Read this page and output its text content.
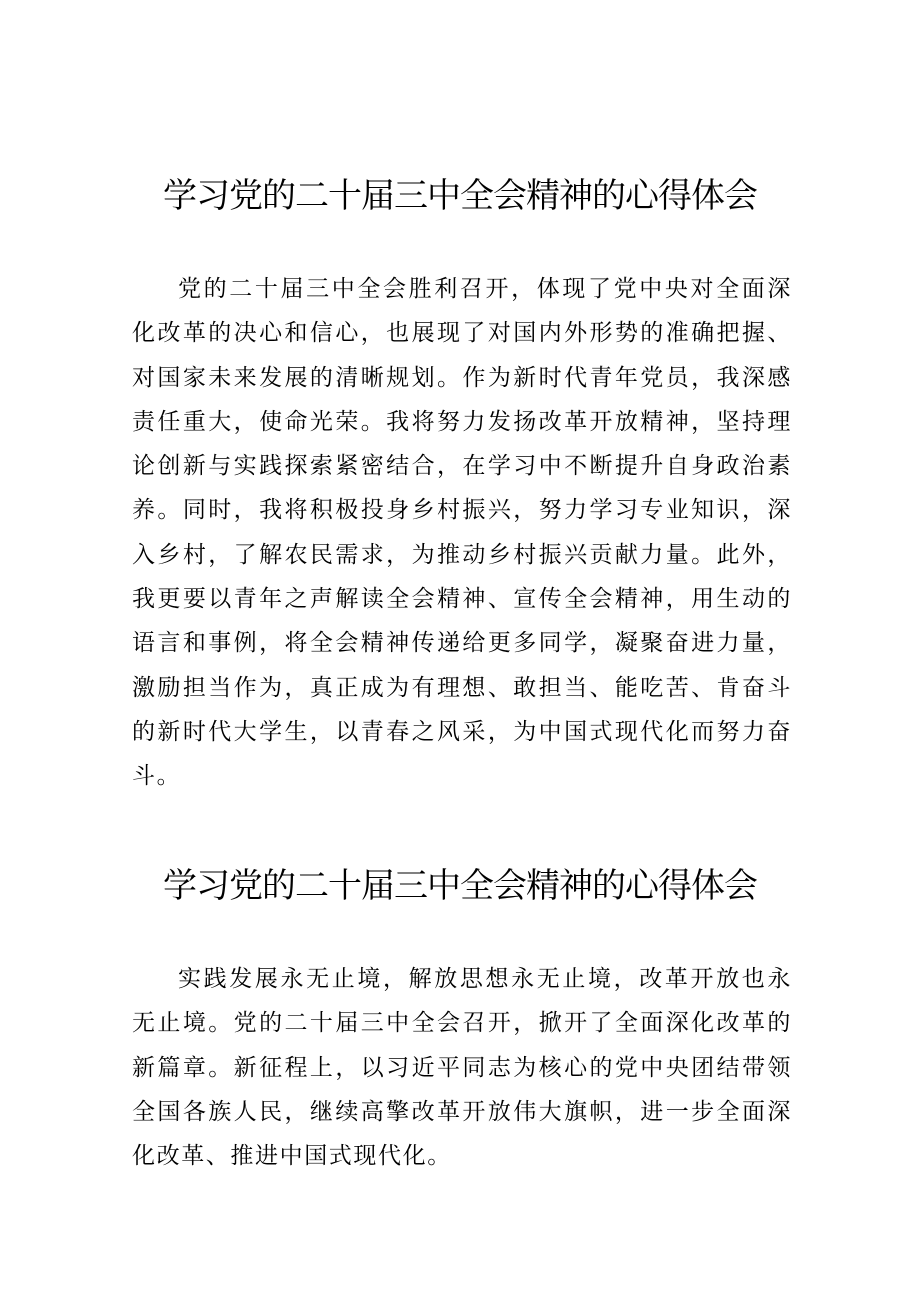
学习党的二十届三中全会精神的心得体会

党的二十届三中全会胜利召开，体现了党中央对全面深化改革的决心和信心，也展现了对国内外形势的准确把握、对国家未来发展的清晰规划。作为新时代青年党员，我深感责任重大，使命光荣。我将努力发扬改革开放精神，坚持理论创新与实践探索紧密结合，在学习中不断提升自身政治素养。同时，我将积极投身乡村振兴，努力学习专业知识，深入乡村，了解农民需求，为推动乡村振兴贡献力量。此外，我更要以青年之声解读全会精神、宣传全会精神，用生动的语言和事例，将全会精神传递给更多同学，凝聚奋进力量，激励担当作为，真正成为有理想、敢担当、能吃苦、肯奋斗的新时代大学生，以青春之风采，为中国式现代化而努力奋斗。

学习党的二十届三中全会精神的心得体会

实践发展永无止境，解放思想永无止境，改革开放也永无止境。党的二十届三中全会召开，掀开了全面深化改革的新篇章。新征程上，以习近平同志为核心的党中央团结带领全国各族人民，继续高擎改革开放伟大旗帜，进一步全面深化改革、推进中国式现代化。
